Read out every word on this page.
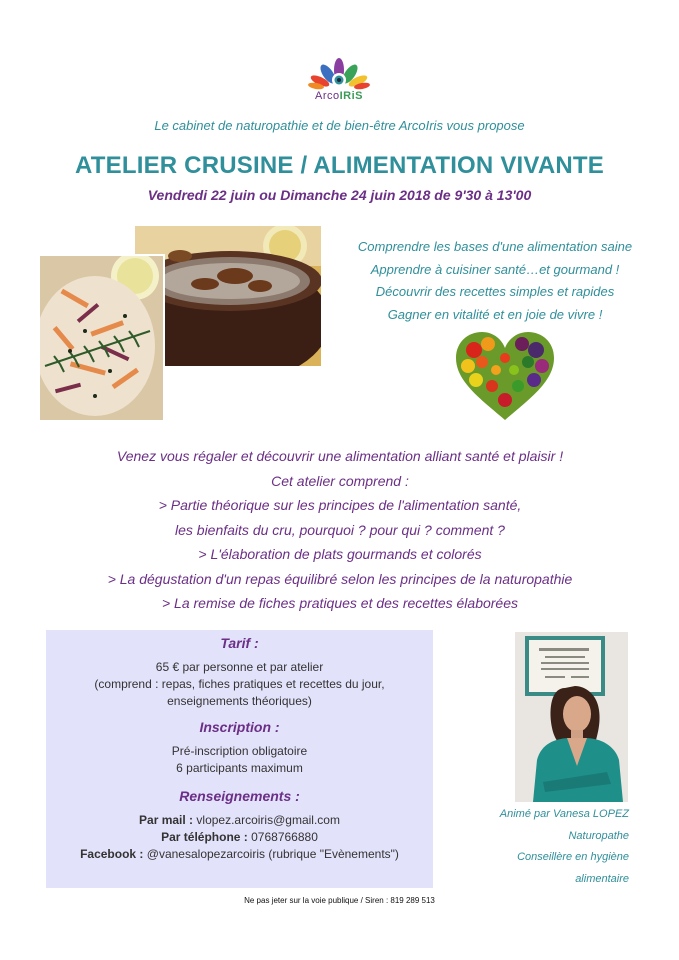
ArcoIRiS
Le cabinet de naturopathie et de bien-être ArcoIris vous propose
ATELIER CRUSINE / ALIMENTATION VIVANTE
Vendredi 22 juin ou Dimanche 24 juin 2018 de 9'30 à 13'00
Comprendre les bases d'une alimentation saine
Apprendre à cuisiner santé…et gourmand !
Découvrir des recettes simples et rapides
Gagner en vitalité et en joie de vivre !
Venez vous régaler et découvrir une alimentation alliant santé et plaisir !
Cet atelier comprend :
> Partie théorique sur les principes de l'alimentation santé,
les bienfaits du cru, pourquoi ? pour qui ? comment ?
> L'élaboration de plats gourmands et colorés
> La dégustation d'un repas équilibré selon les principes de la naturopathie
> La remise de fiches pratiques et des recettes élaborées
Tarif :
65 € par personne et par atelier
(comprend : repas, fiches pratiques et recettes du jour,
enseignements théoriques)
Inscription :
Pré-inscription obligatoire
6 participants maximum
Renseignements :
Par mail : vlopez.arcoiris@gmail.com
Par téléphone : 0768766880
Facebook : @vanesalopezarcoiris (rubrique "Evènements")
Animé par Vanesa LOPEZ
Naturopathe
Conseillère en hygiène
alimentaire
Ne pas jeter sur la voie publique / Siren : 819 289 513
